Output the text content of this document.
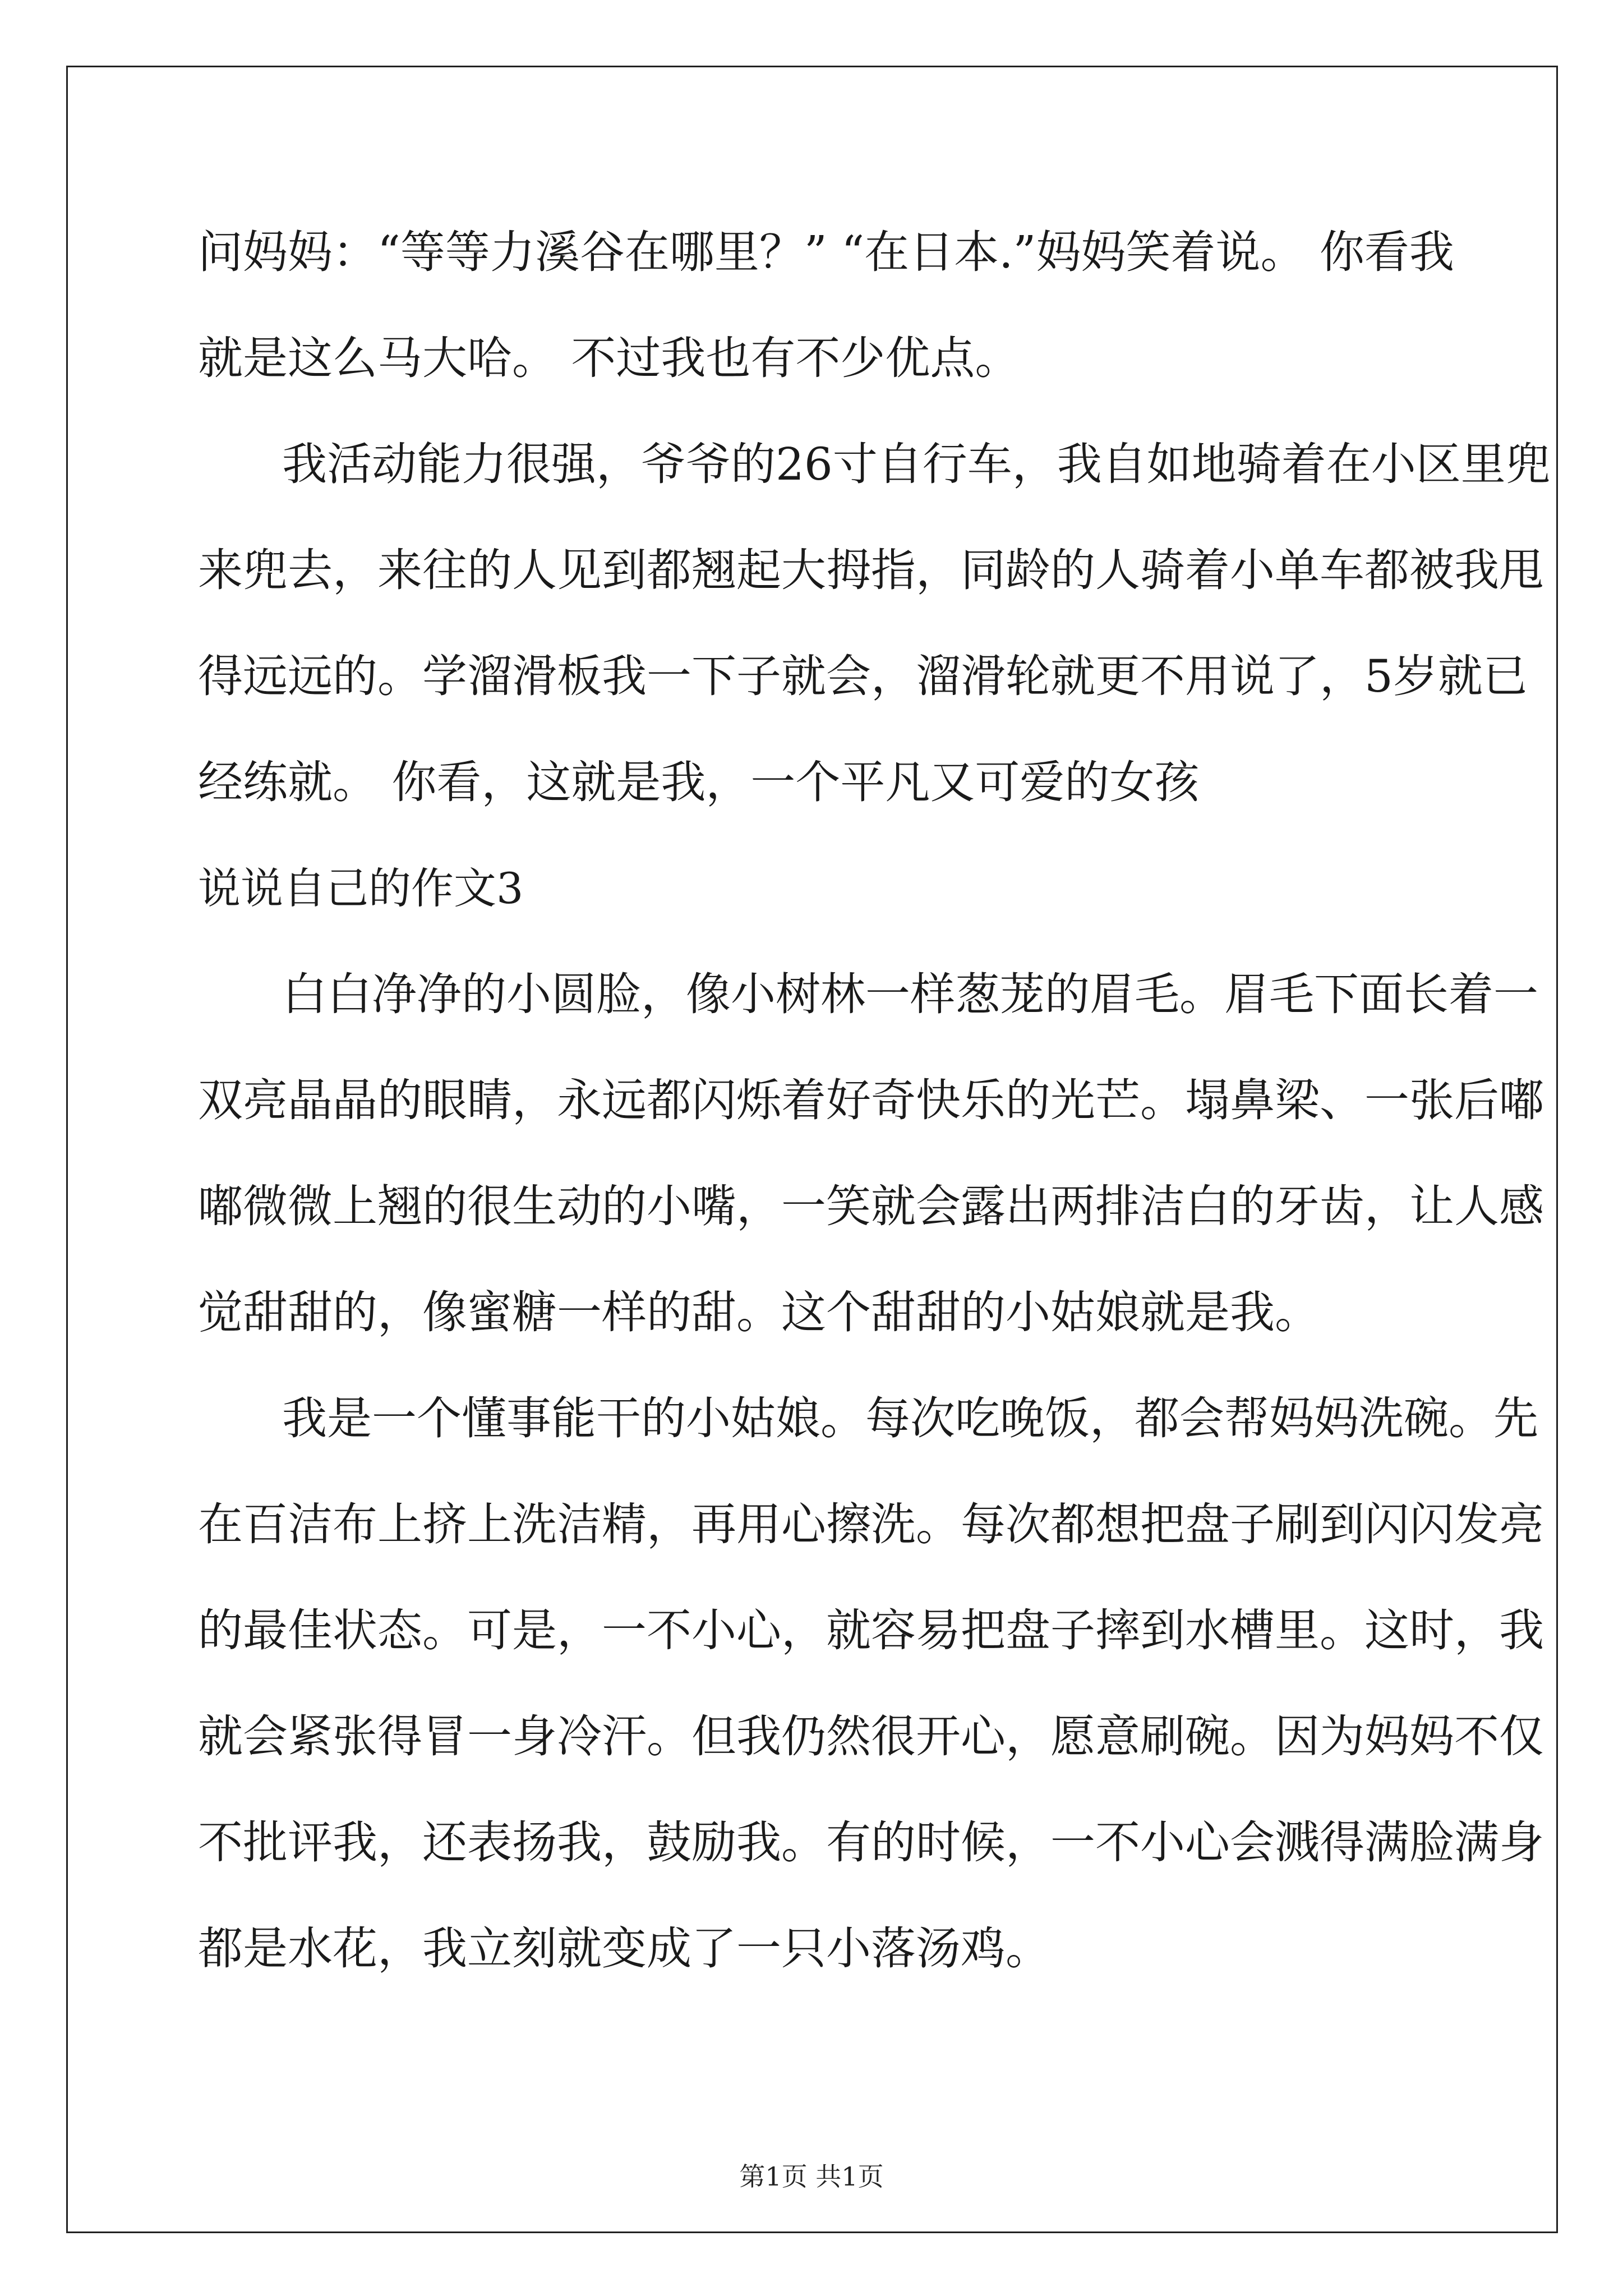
问妈妈：“等等力溪谷在哪里？” “在日本.”妈妈笑着说。 你看我
就是这么马大哈。 不过我也有不少优点。
我活动能力很强，爷爷的26寸自行车，我自如地骑着在小区里兜
来兜去，来往的人见到都翘起大拇指，同龄的人骑着小单车都被我甩
得远远的。学溜滑板我一下子就会，溜滑轮就更不用说了，5岁就已
经练就。 你看，这就是我，一个平凡又可爱的女孩
说说自己的作文3
白白净净的小圆脸，像小树林一样葱茏的眉毛。眉毛下面长着一
双亮晶晶的眼睛，永远都闪烁着好奇快乐的光芒。塌鼻梁、一张后嘟
嘟微微上翘的很生动的小嘴，一笑就会露出两排洁白的牙齿，让人感
觉甜甜的，像蜜糖一样的甜。这个甜甜的小姑娘就是我。
我是一个懂事能干的小姑娘。每次吃晚饭，都会帮妈妈洗碗。先
在百洁布上挤上洗洁精，再用心擦洗。每次都想把盘子刷到闪闪发亮
的最佳状态。可是，一不小心，就容易把盘子摔到水槽里。这时，我
就会紧张得冒一身冷汗。但我仍然很开心，愿意刷碗。因为妈妈不仅
不批评我，还表扬我，鼓励我。有的时候，一不小心会溅得满脸满身
都是水花，我立刻就变成了一只小落汤鸡。
第1页 共1页
